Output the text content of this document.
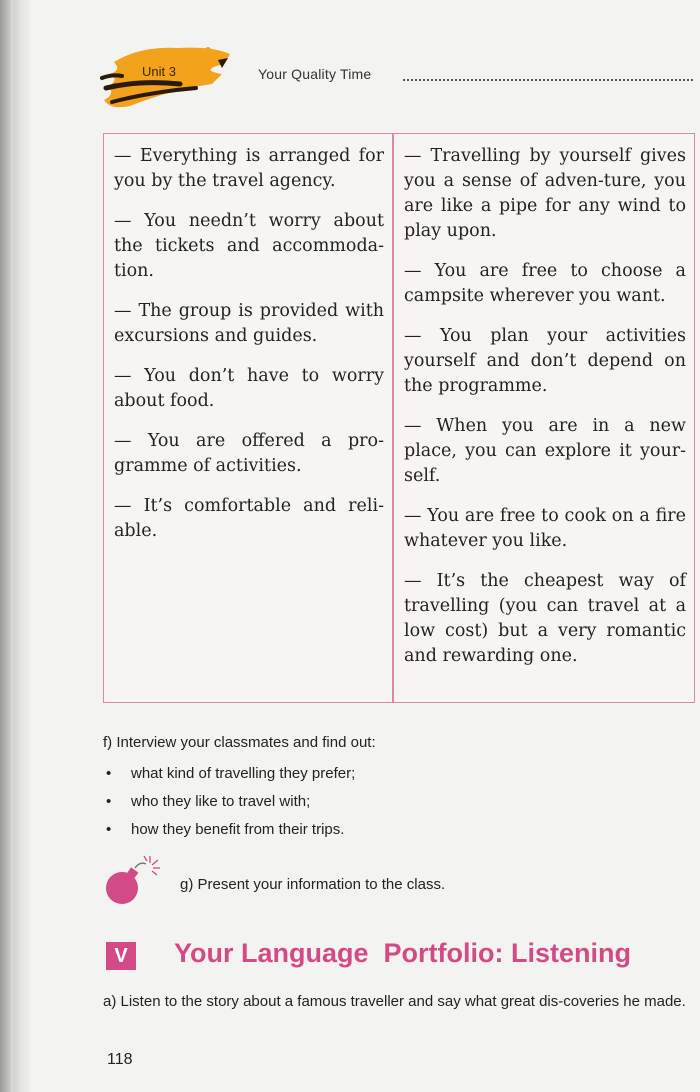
Unit 3	Your Quality Time

— Everything is arranged for you by the travel agency.

— You needn’t worry about the tickets and accommoda-tion.

— The group is provided with excursions and guides.

— You don’t have to worry about food.

— You are offered a pro-gramme of activities.

— It’s comfortable and reli-able.

— Travelling by yourself gives you a sense of adven-ture, you are like a pipe for any wind to play upon.

— You are free to choose a campsite wherever you want.

— You plan your activities yourself and don’t depend on the programme.

— When you are in a new place, you can explore it your-self.

— You are free to cook on a fire whatever you like.

— It’s the cheapest way of travelling (you can travel at a low cost) but a very romantic and rewarding one.

f) Interview your classmates and find out:
• what kind of travelling they prefer;
• who they like to travel with;
• how they benefit from their trips.
g) Present your information to the class.
V	Your Language  Portfolio: Listening
a) Listen to the story about a famous traveller and say what great dis-coveries he made.
118
